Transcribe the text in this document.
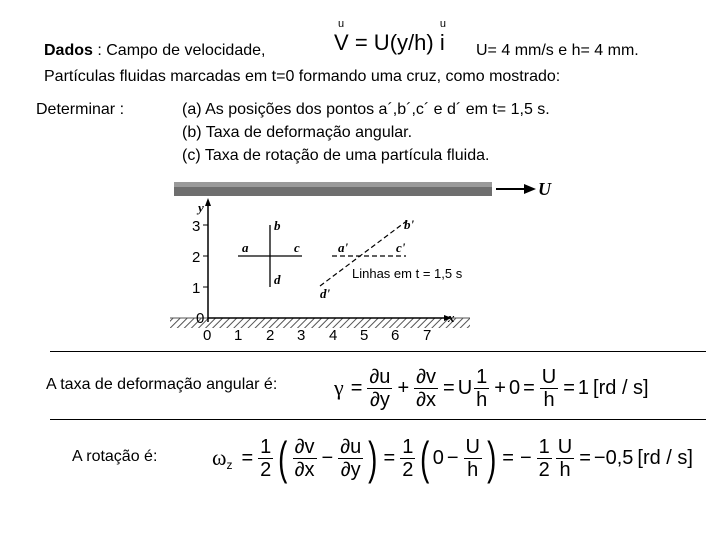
Dados : Campo de velocidade,
u
V = U(y/h)
u
i U= 4 mm/s e h= 4 mm.
Partículas fluidas marcadas em t=0 formando uma cruz, como mostrado:
Determinar :	(a) As posições dos pontos a´,b´,c´ e d´ em t= 1,5 s.
(b) Taxa de deformação angular.
(c) Taxa de rotação de uma partícula fluida.
U
y
x
3
2
1
0
0 1 2 3 4 5 6 7
a
b
c
d
a'
b'
c'
d'
Linhas em t = 1,5 s
A taxa de deformação angular é:	$\gamma = \frac{\partial u}{\partial y} + \frac{\partial v}{\partial x} = U \frac{1}{h} + 0 = \frac{U}{h} = 1$ [rd / s]
A rotação é: ω $z = \frac{1}{2}$ ( $\frac{\partial v}{\partial x} - \frac{\partial u}{\partial y}$ ) = $\frac{1}{2}$ ( $0 - \frac{U}{h}$ ) = − $\frac{1}{2} \frac{U}{h} = -0,5$ [rd / s]
